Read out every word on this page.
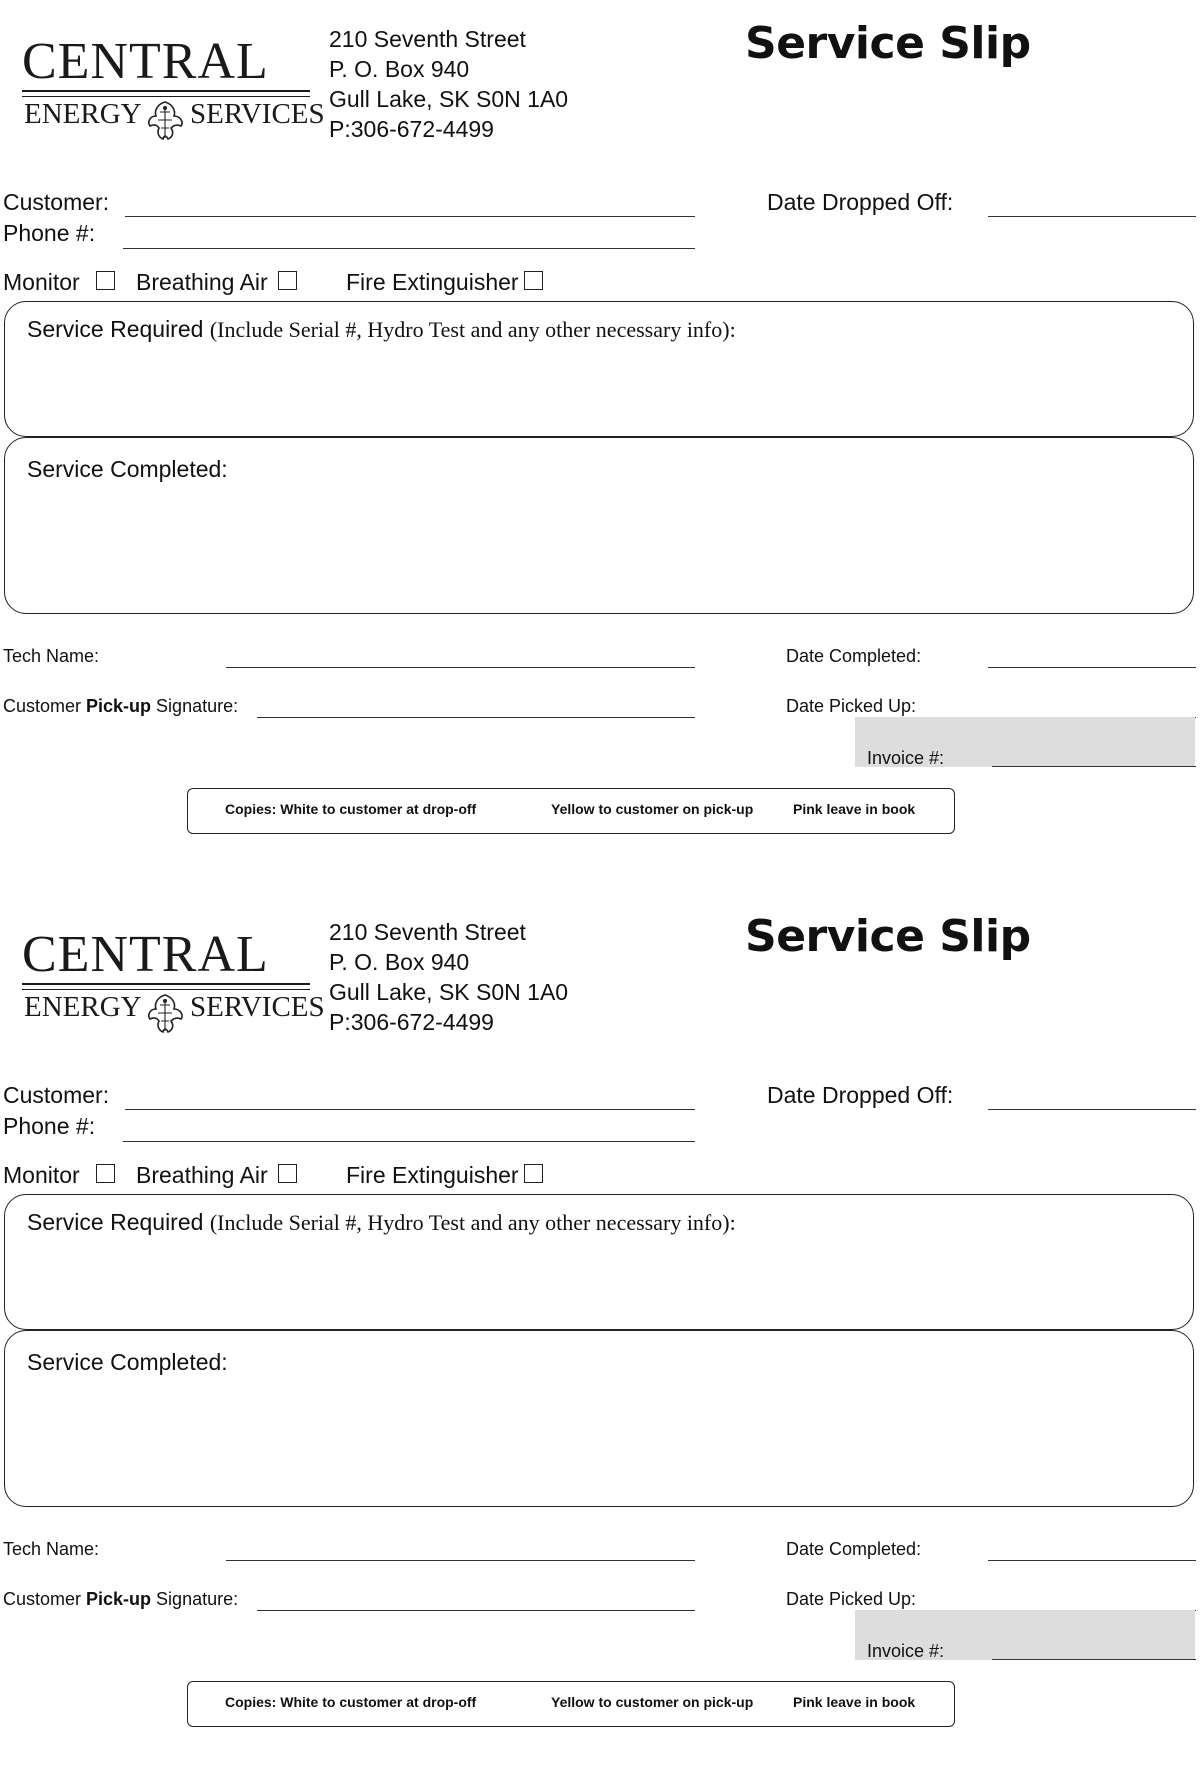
CENTRAL
ENERGY SERVICES
210 Seventh Street
P. O. Box 940
Gull Lake, SK S0N 1A0
P:306-672-4499
Service Slip
Customer:
Phone #:
Date Dropped Off:
Monitor Breathing Air	Fire Extinguisher
Service Required (Include Serial #, Hydro Test and any other necessary info):
Service Completed:
Tech Name:	Date Completed:
Customer Pick-up Signature:	Date Picked Up:
Invoice #:
Copies: White to customer at drop-off	Yellow to customer on pick-up	Pink leave in book
CENTRAL
ENERGY SERVICES
210 Seventh Street
P. O. Box 940
Gull Lake, SK S0N 1A0
P:306-672-4499
Service Slip
Customer:
Phone #:
Date Dropped Off:
Monitor Breathing Air	Fire Extinguisher
Service Required (Include Serial #, Hydro Test and any other necessary info):
Service Completed:
Tech Name:	Date Completed:
Customer Pick-up Signature:	Date Picked Up:
Invoice #:
Copies: White to customer at drop-off	Yellow to customer on pick-up	Pink leave in book
